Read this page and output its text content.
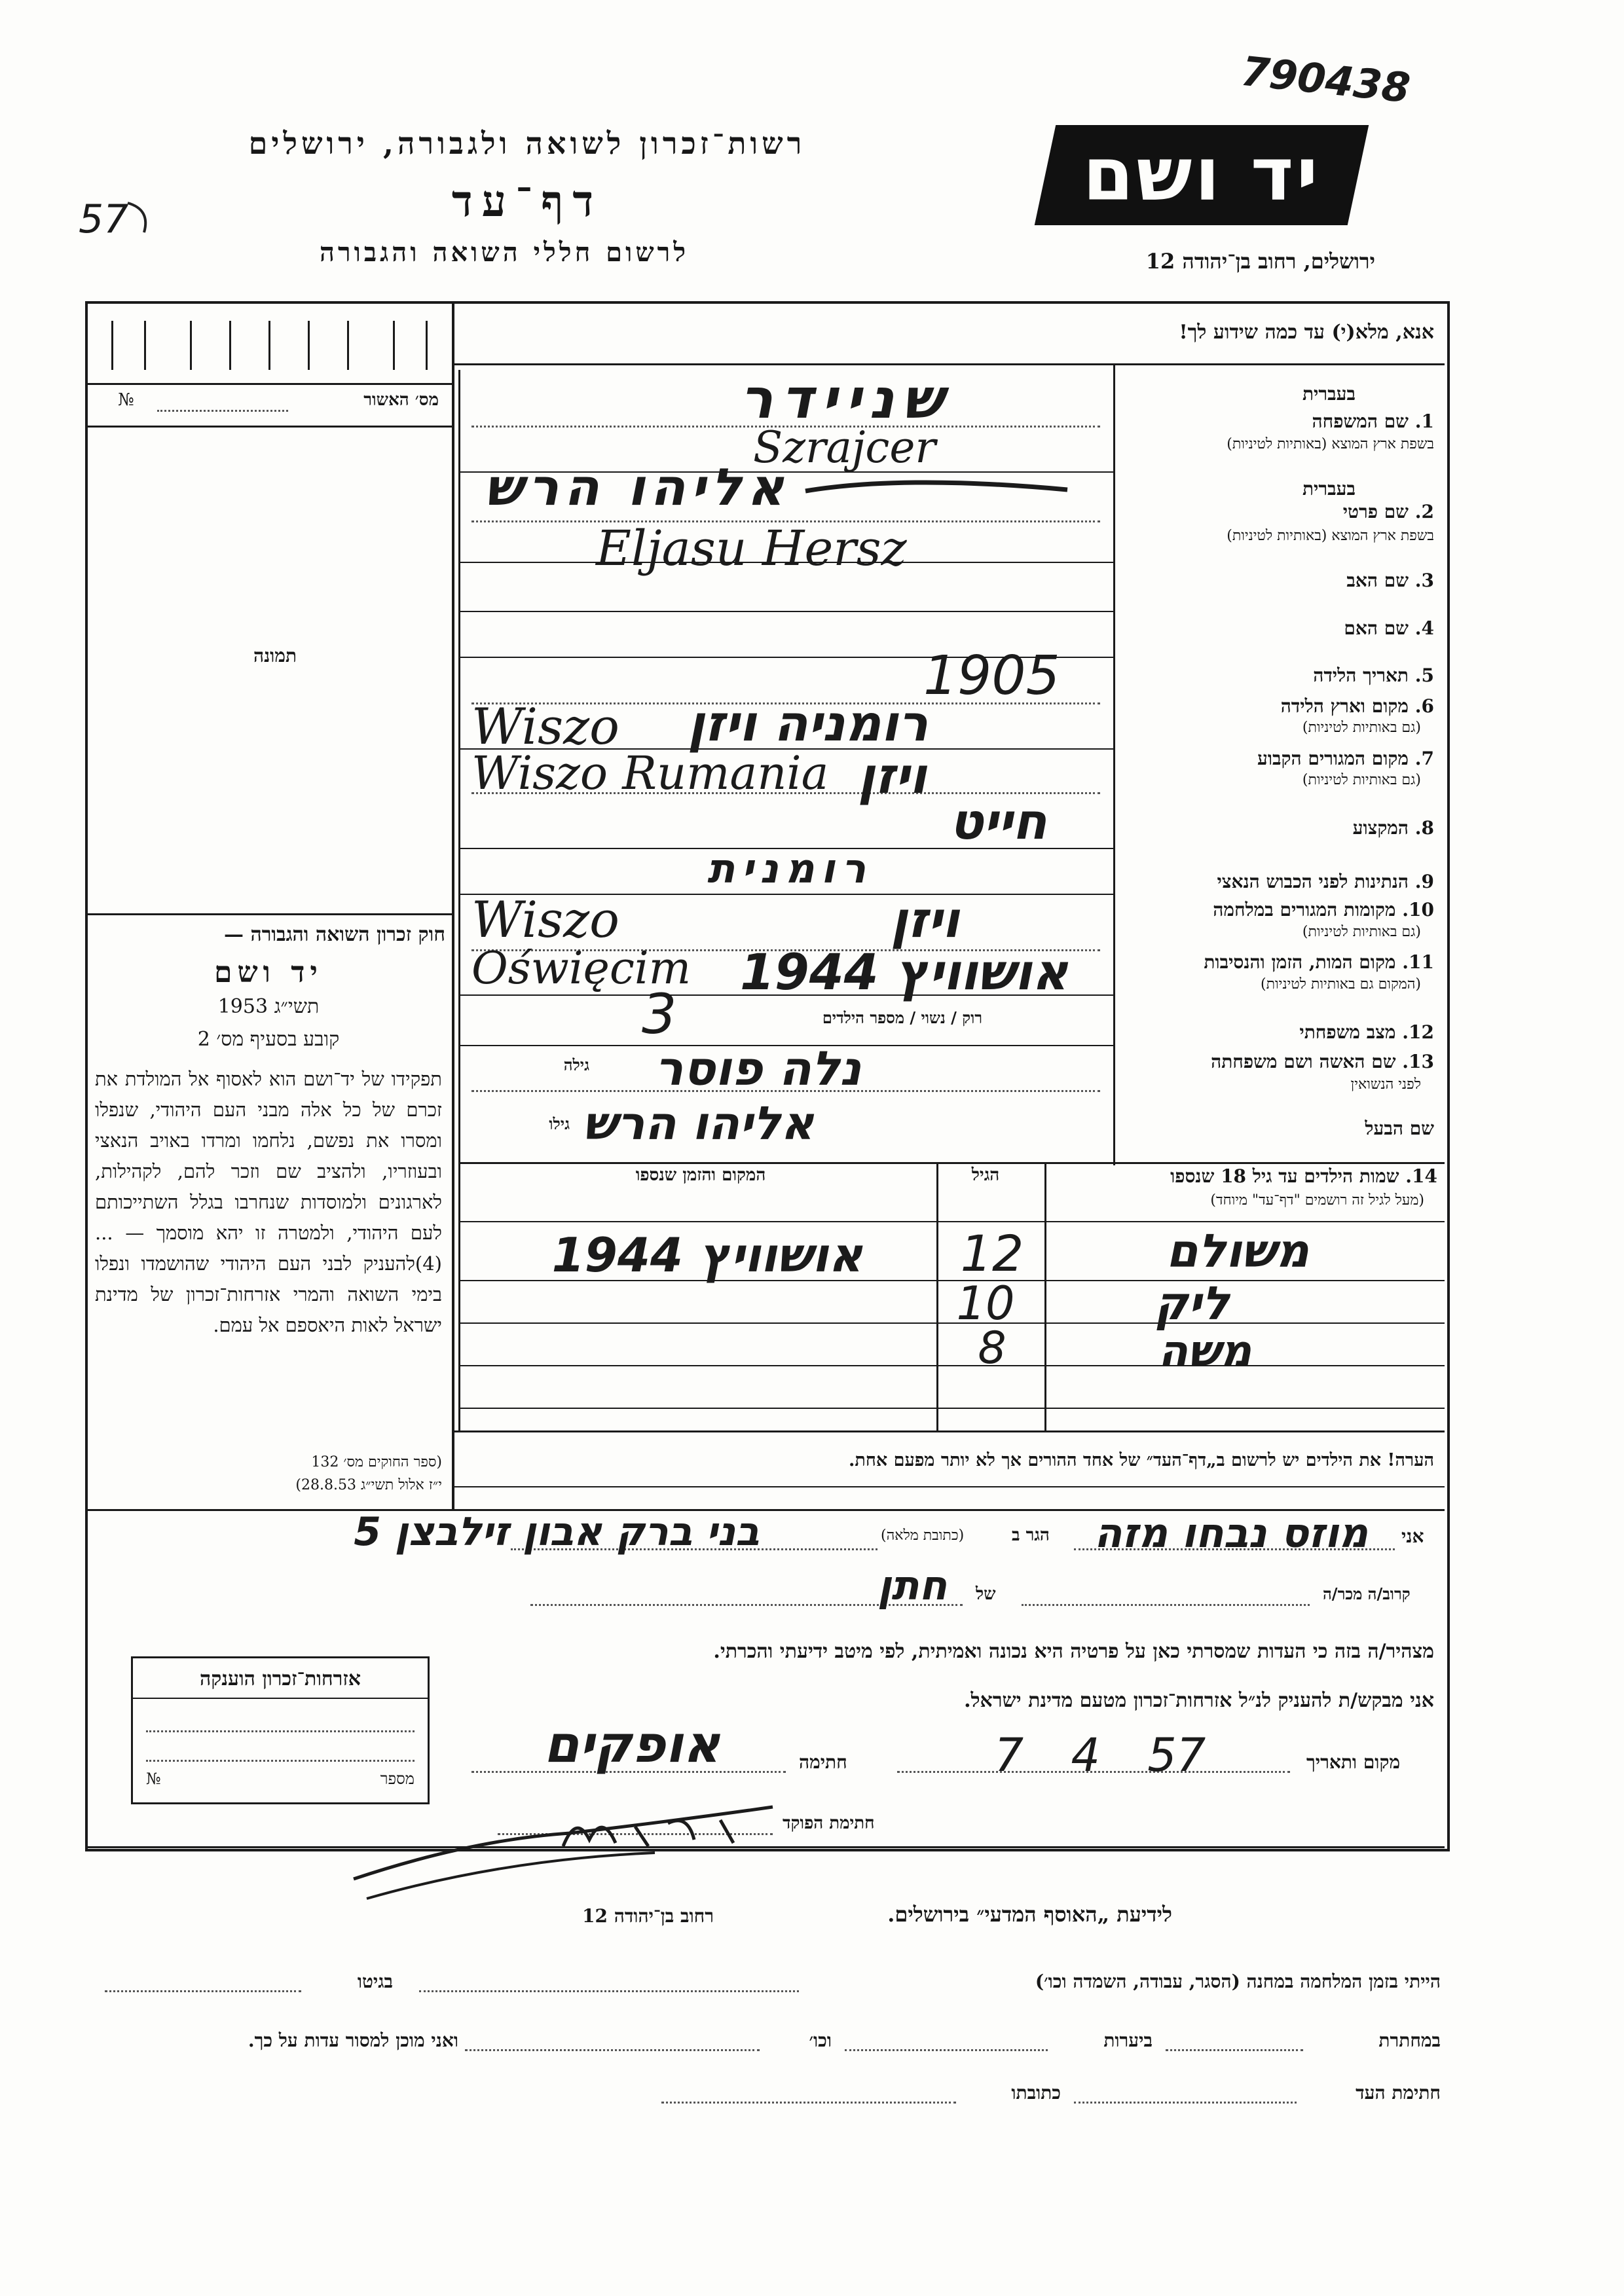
790438
57
יד ושם
רשות־זכרון לשואה ולגבורה, ירושלים
דף־עד
לרשום חללי השואה והגבורה	ירושלים, רחוב בן־יהודה 12
מס׳ האשור
№
תמונה
חוק זכרון השואה והגבורה —
יד ושם
תשי״ג 1953
קובע בסעיף מס׳ 2
תפקידו של יד־ושם הוא לאסוף אל המולדת את זכרם של כל אלה מבני העם היהודי, שנפלו ומסרו את נפשם, נלחמו ומרדו באויב הנאצי ובעוזריו, ולהציב שם וזכר להם, לקהילות, לארגונים ולמוסדות שנחרבו בגלל השתייכותם לעם היהודי, ולמטרה זו יהא מוסמך — ...(4)להעניק לבני העם היהודי שהושמדו ונפלו בימי השואה והמרי אזרחות־זכרון של מדינת ישראל לאות היאספם אל עמם.
(ספר החוקים מס׳ 132
י״ז אלול תשי״ג 28.8.53)
אנא, מלא(י) עד כמה שידוע לך!
בעברית
1. שם המשפחה
בשפת ארץ המוצא (באותיות לטיניות)
בעברית
2. שם פרטי
בשפת ארץ המוצא (באותיות לטיניות)
3. שם האב
4. שם האם
5. תאריך הלידה
6. מקום וארץ הלידה
(גם באותיות לטיניות)
7. מקום המגורים הקבוע
(גם באותיות לטיניות)
8. המקצוע
9. הנתינות לפני הכבוש הנאצי
10. מקומות המגורים במלחמה
(גם באותיות לטיניות)
11. מקום המות, הזמן והנסיבות
(המקום גם באותיות לטיניות)
12. מצב משפחתי
13. שם האשה ושם משפחתה
לפני הנשואין
שם הבעל
רוק / נשוי / מספר הילדים
גילה
גילו
שניידר
Szrajcer
אליהו הרש
Eljasu Hersz
1905
רומניה ויזן
Wiszo
Wiszo Rumania ויזן
חייט
רומנית
Wiszo	ויזן
Oświęcim אושוויץ 1944
3
נלה פוסר
אליהו הרש
14. שמות הילדים עד גיל 18 שנספו
(מעל לגיל זה רושמים "דף־עד" מיוחד)
הגיל
המקום והזמן שנספו
משולם
12
אושוויץ 1944
ליק
10
משה
8
הערה! את הילדים יש לרשום ב„דף־העד״ של אחד ההורים אך לא יותר מפעם אחת.
אני
מוזס נבחו מזה
הגר ב
(כתובת מלאה)
בני ברק אבון זילבצן 5
קרוב/ה מכר/ה
של
חתן
מצהיר/ה בזה כי העדות שמסרתי כאן על פרטיה היא נכונה ואמיתית, לפי מיטב ידיעתי והכרתי.
אזרחות־זכרון הוענקה
מספר
№
אני מבקש/ת להעניק לנ״ל אזרחות־זכרון מטעם מדינת ישראל.
מקום ותאריך
7 4 57
חתימה
אופקים
חתימת הפוקד
לידיעת „האוסף המדעי״ בירושלים.
רחוב בן־יהודה 12
הייתי בזמן המלחמה במחנה (הסגר, עבודה, השמדה וכו׳)
בגיטו
במחתרת
ביערות
וכו׳
ואני מוכן למסור עדות על כך.
חתימת העד
כתובתו
